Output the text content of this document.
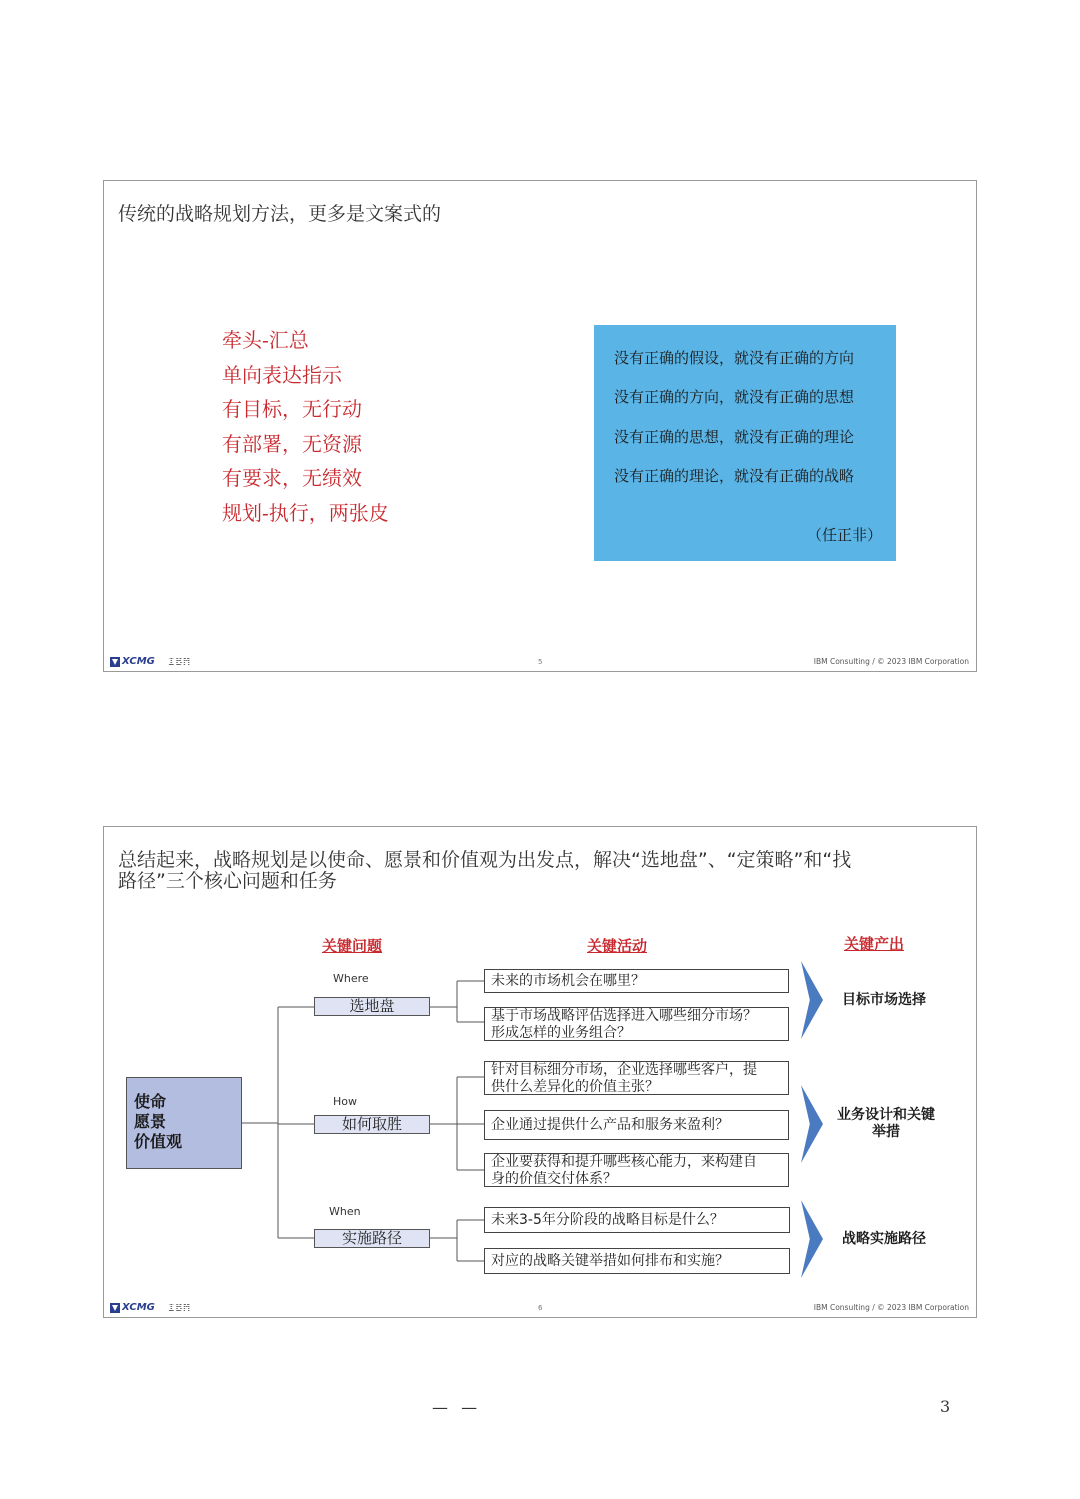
传统的战略规划方法，更多是文案式的
牵头-汇总
单向表达指示
有目标，无行动
有部署，无资源
有要求，无绩效
规划-执行，两张皮
没有正确的假设，就没有正确的方向
没有正确的方向，就没有正确的思想
没有正确的思想，就没有正确的理论
没有正确的理论，就没有正确的战略
（任正非）
XCMG IBM	5	IBM Consulting / © 2023 IBM Corporation
总结起来，战略规划是以使命、愿景和价值观为出发点，解决“选地盘”、“定策略”和“找
路径”三个核心问题和任务
关键问题	关键活动	关键产出
使命
愿景
价值观
Where
选地盘
How
如何取胜
When
实施路径
未来的市场机会在哪里？
基于市场战略评估选择进入哪些细分市场？
形成怎样的业务组合？
针对目标细分市场，企业选择哪些客户，提
供什么差异化的价值主张？
企业通过提供什么产品和服务来盈利？
企业要获得和提升哪些核心能力，来构建自
身的价值交付体系？
未来3-5年分阶段的战略目标是什么？
对应的战略关键举措如何排布和实施？
目标市场选择
业务设计和关键
举措
战略实施路径
XCMG IBM	6	IBM Consulting / © 2023 IBM Corporation
— —	3
